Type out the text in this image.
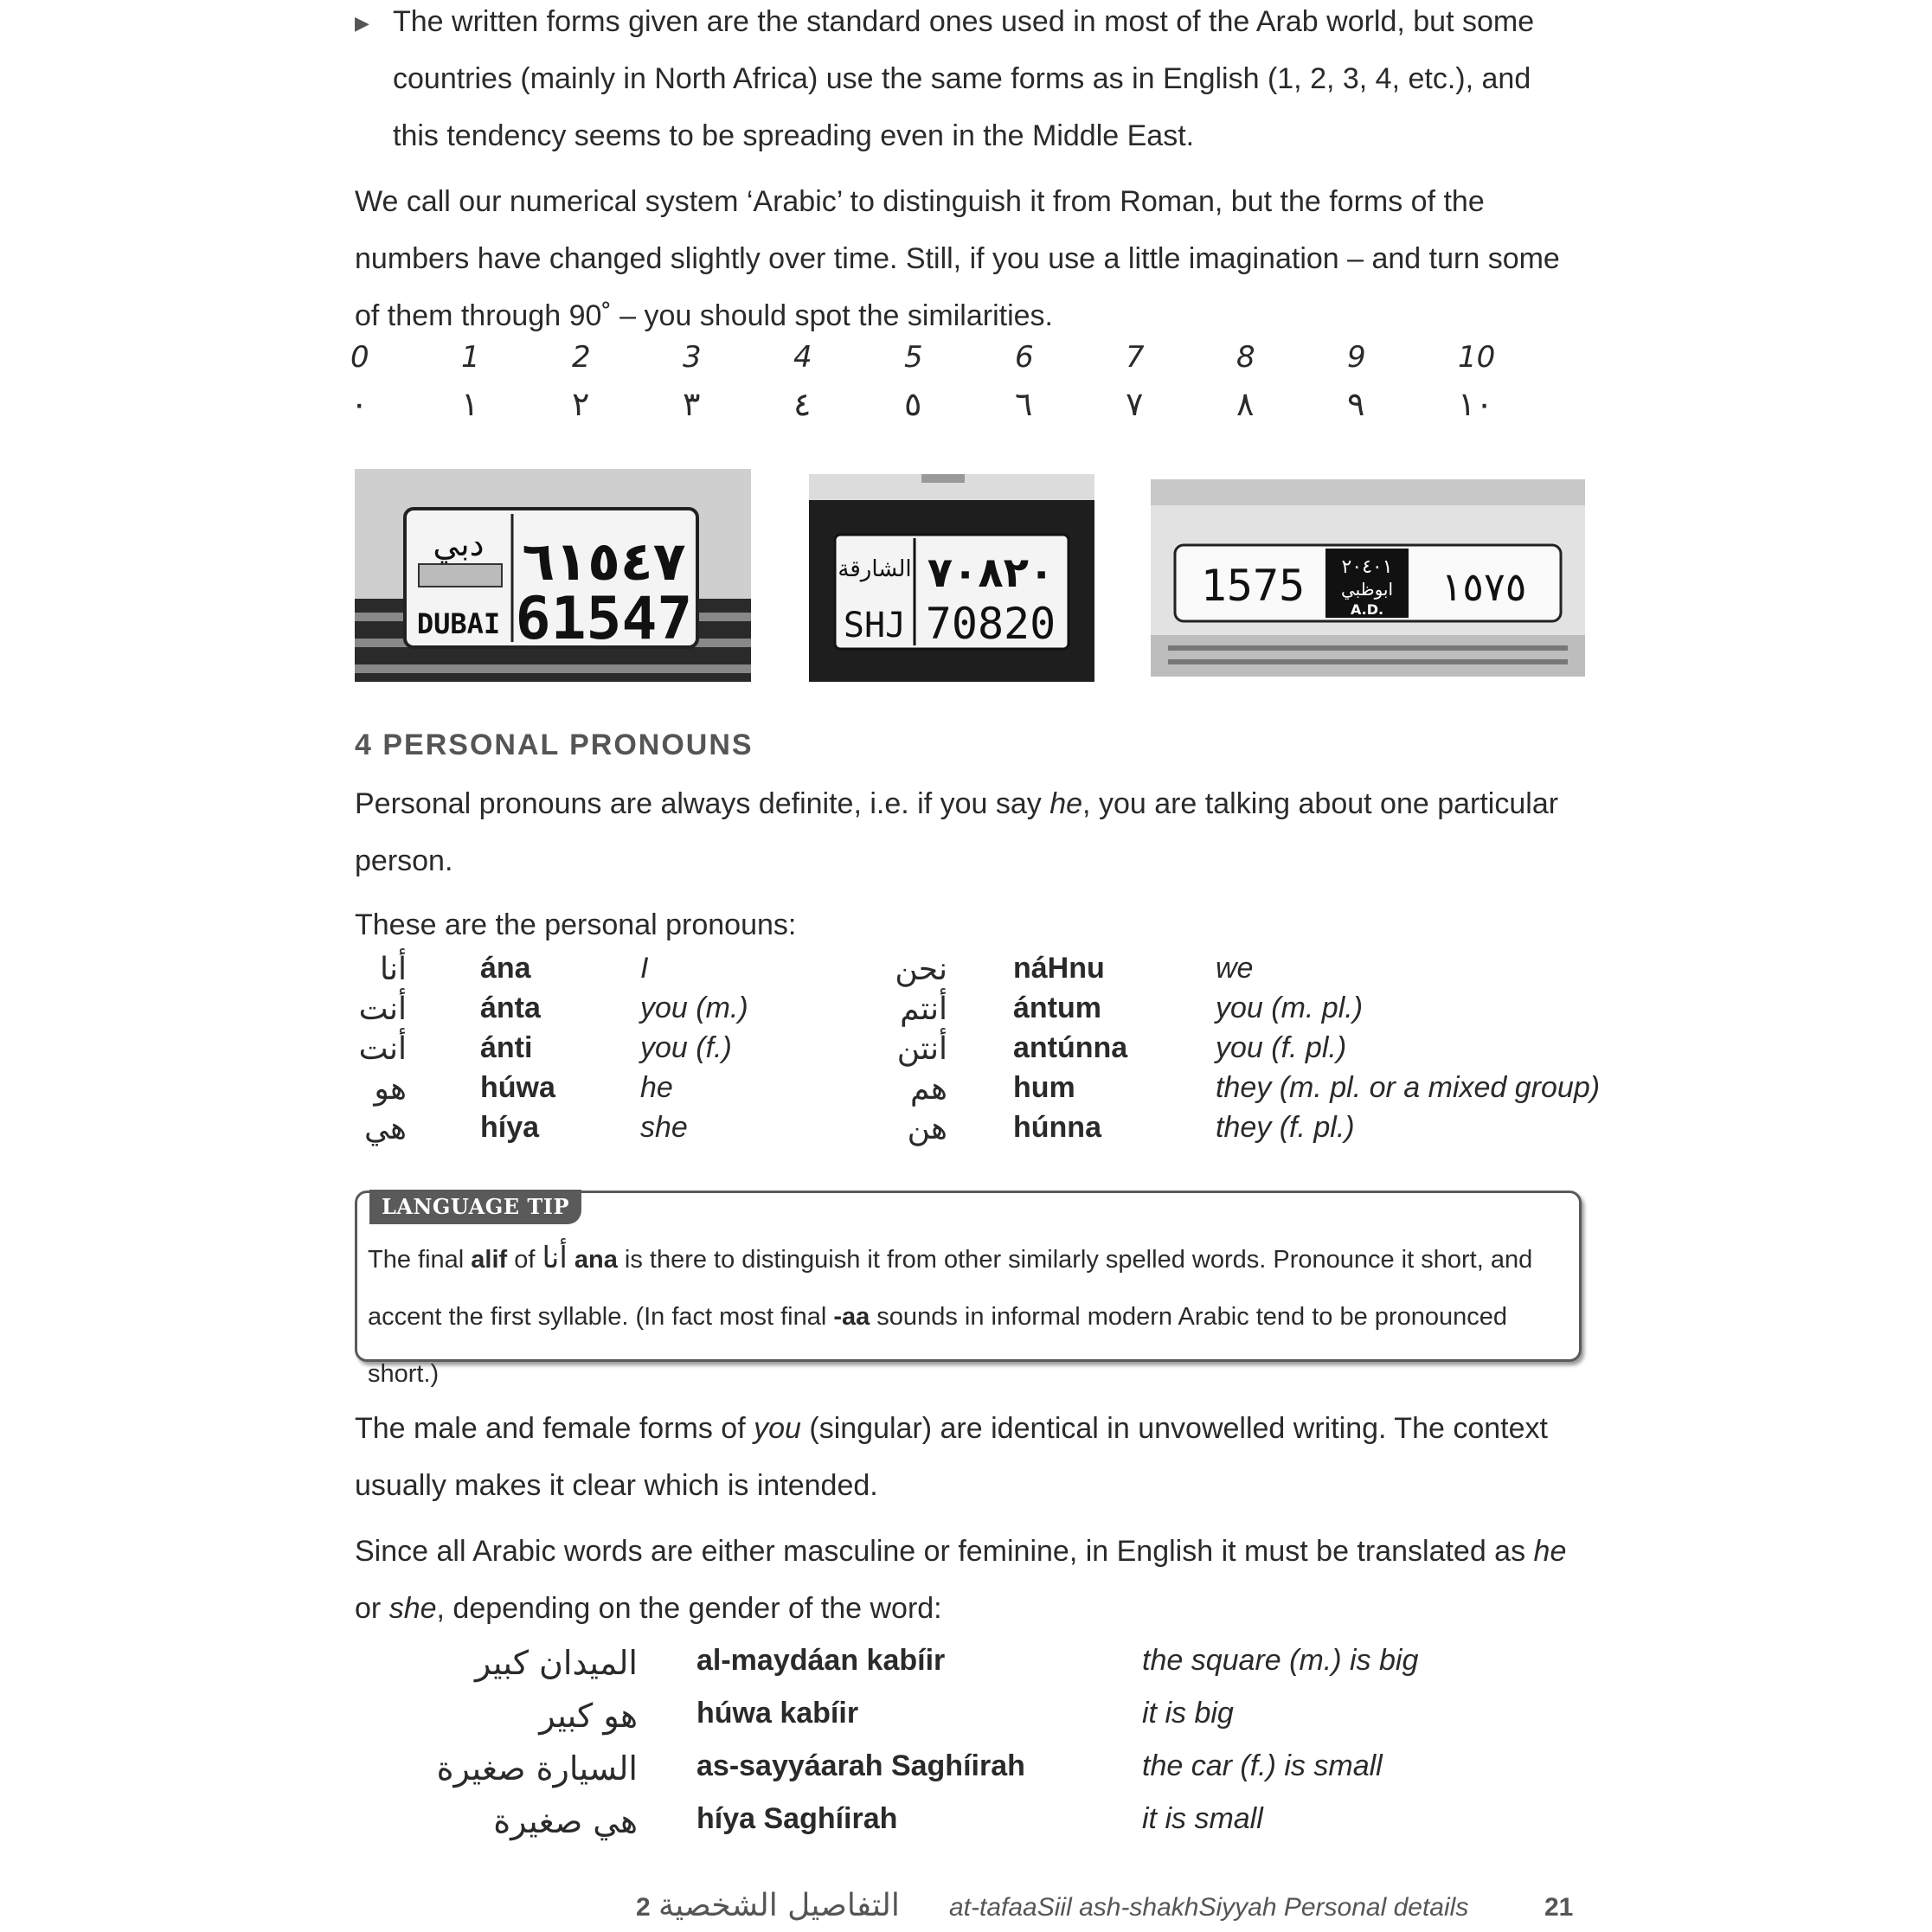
▶ The written forms given are the standard ones used in most of the Arab world, but some countries (mainly in North Africa) use the same forms as in English (1, 2, 3, 4, etc.), and this tendency seems to be spreading even in the Middle East.
We call our numerical system ‘Arabic’ to distinguish it from Roman, but the forms of the numbers have changed slightly over time. Still, if you use a little imagination – and turn some of them through 90˚ – you should spot the similarities.
0	1	2	3	4	5	6	7	8	9	10
٠	١	٢	٣	٤	٥	٦	٧	٨	٩	١٠
دبي
DUBAI
٦١٥٤٧
61547
الشارقة
SHJ
٧٠٨٢٠
70820
1575	١٥٧٥
٢٠٤٠١
ابوظبي
A.D.
4 PERSONAL PRONOUNS
Personal pronouns are always definite, i.e. if you say he, you are talking about one particular person.
These are the personal pronouns:
أنا	ána	I	نحن náHnu	we
أنت	ánta	you (m.)	أنتم ántum	you (m. pl.)
أنت	ánti	you (f.)	أنتن antúnna	you (f. pl.)
هو	húwa	he	هم hum	they (m. pl. or a mixed group)
هي	híya	she	هن húnna	they (f. pl.)
LANGUAGE TIP
The final alif of أنا ana is there to distinguish it from other similarly spelled words. Pronounce it short, and accent the first syllable. (In fact most final -aa sounds in informal modern Arabic tend to be pronounced short.)
The male and female forms of you (singular) are identical in unvowelled writing. The context usually makes it clear which is intended.
Since all Arabic words are either masculine or feminine, in English it must be translated as he or she, depending on the gender of the word:
الميدان كبير al-maydáan kabíir	the square (m.) is big
هو كبير húwa kabíir	it is big
السيارة صغيرة as-sayyáarah Saghíirah	the car (f.) is small
هي صغيرة híya Saghíirah	it is small
2 التفاصيل الشخصية at-tafaaSiil ash-shakhSiyyah Personal details	21
